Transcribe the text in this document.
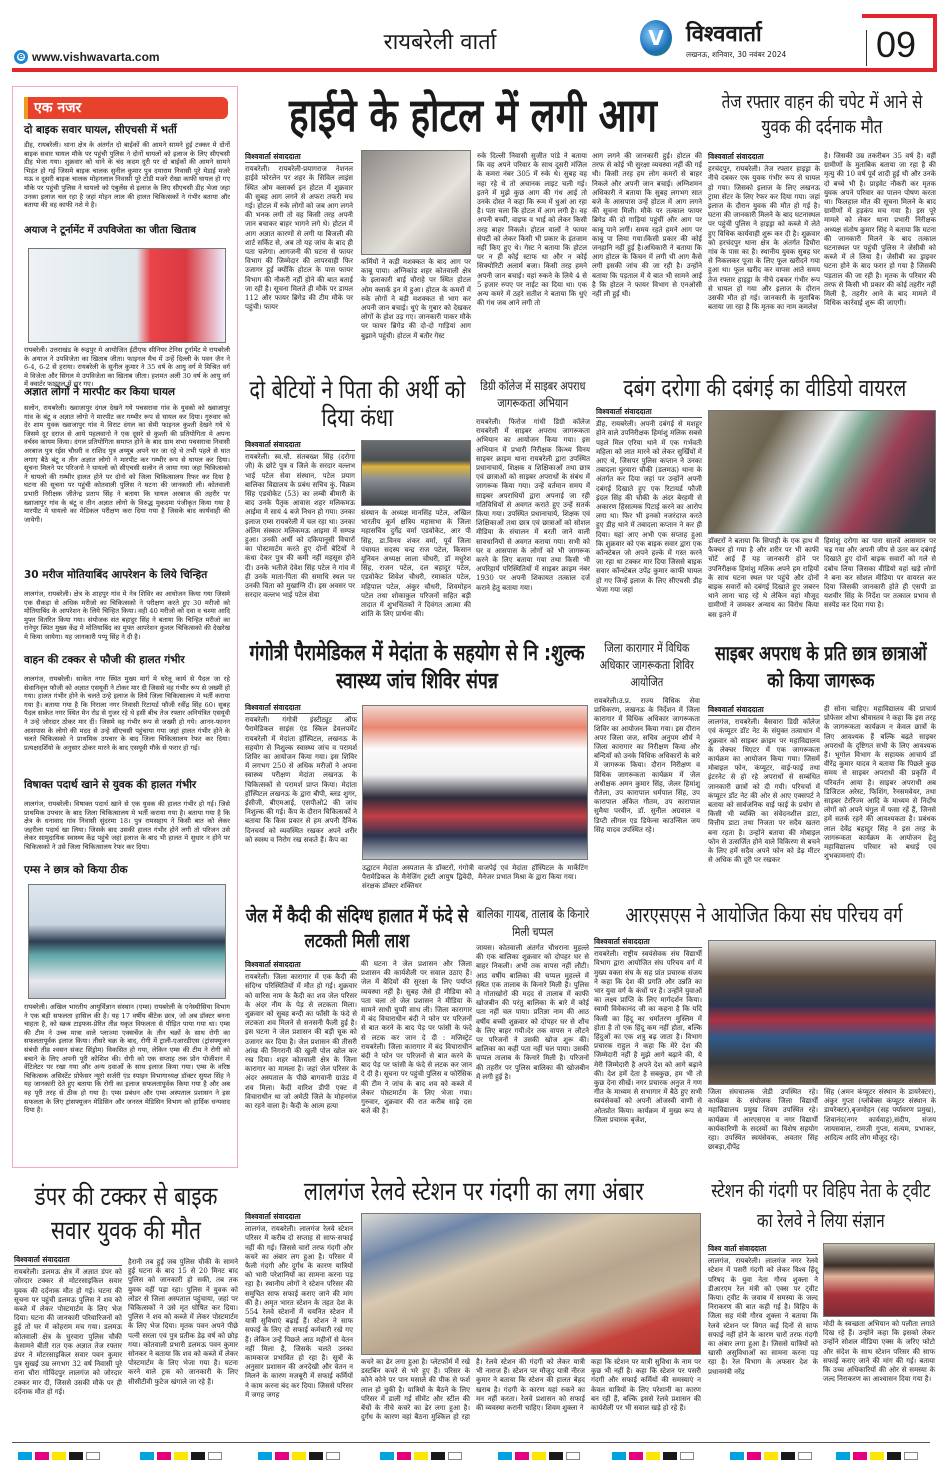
e www.vishwavarta.com
रायबरेली वार्ता	V	विश्ववार्ता
लखनऊ, शनिवार, 30 नवंबर 2024 09
एक नजर
दो बाइक सवार घायल, सीएचसी में भर्ती
डीह, रायबरेली। थाना क्षेत्र के अंतर्गत दो बाईकों की आमने सामने हुई टक्कर मे दोनों बाइक सवार घायल मौके पर पहुंची पुलिस ने दोनों घायलों को इलाज के लिए सीएचसी डीह भेजा गया। शुक्रवार को थाने के चंद कदम दूरी पर दो बाईकों की आमने सामने भिड़ंत हो गई जिसमे बाइक चालक सुनील कुमार पुत्र दयाराम निवासी पूरे मेडाई मजरे मऊ व दूसरी बाइक चालक मोहनलाल निवासी पूरे टोडी मजरे रोखा काफी घायल हो गए मौके पर पहुंची पुलिस ने घायलो को एंबुलेंस से इलाज के लिए सीएचसी डीह भेजा जहा उनका इलाज चल रहा है जहां मोहन लाल की हालत चिकित्सकों ने गंभीर बताया और बताया की वह काफी नशे मे है।
अयाज ने टूर्नामेंट में उपविजेता का जीता खिताब
रायबरेली। उत्तराखंड के रूद्रपुर मे आयोजित ईटीएफ सीनियर टेनिस टूर्नामेंट मे रायबरेली के अयाज ने उपविजेता का खिताब जीता। फाइनल मैच में उन्हें दिल्ली के पवन जैन ने 6-4, 6-2 से हराया। रायबरेली के सुनील कुमार ने 35 वर्ष के आयु वर्ग मे मिश्रित वर्ग मे विजेता और सिंगल मे उपविजेता का खिताब जीता। हशमत अली 30 वर्ष के आयु वर्ग में क्वार्टर फाइनल में हार गए।
अज्ञात लोगों ने मारपीट कर किया घायल
सलोन, रायबरेली। ख्वाजापुर दंगल देखने गये पचसरावा गांव के युवको को ख्वाजापुर गांव के बंटू व अज्ञात लोगो ने मारपीट कर गम्भीर रूप से घायल कर दिया। गुरुवार को देर शाम युवक ख्वाजापुर गांव मे विराट दंगल का सेमी फाइनल कुश्ती देखने गये थे जिसमे दूर दराज से आये पहलवानो ने एक दूसरे से कुश्ती की प्रतियोगिता मे अपना वर्चस्व कायम किया। दंगल प्रतियोगिता समाप्त होने के बाद ग्राम सभा पचसरावा निवासी अरबाज पुत्र रईस चौधरी व राशिद पुत्र अय्यूब अपने घर जा रहे थे तभी पहले से घात लगाए बैठे बंटू व तीन अज्ञात लोगो ने मारपीट कर गम्भीर रूप से घायल कर दिया। सूचना मिलने पर परिजनो ने घायलो को सीएचसी सलोन ले जाया गया जहा चिकित्सको ने घायलो की गम्भीर हालत होने पर दोनो को जिला चिकित्सालय रिफर कर दिया है घटना की सूचना पर पहुंची कोतवाली पुलिस ने घटना की जानकारी ली। कोतवाली प्रभारी निरीक्षक जीतेन्द्र प्रताप सिंह ने बताया कि घायल अरबाज की तहरीर पर ख्वाजापुर गांव के बंटू व तीन अज्ञात लोगो के विरुद्ध मुकदमा पंजीकृत किया गया है मारपीट मे घायलो का मेडिकल परीक्षण करा दिया गया है जिसके बाद कार्यवाही की जायेगी।
30 मरीज मोतियाबिंद आपरेशन के लिये चिन्हित
लालगंज, रायबरेली। क्षेत्र के शाहपुर गांव मे नेत्र शिविर का आयोजन किया गया जिसमे एक सैकड़ा से अधिक मरीजो का चिकित्सको ने परीक्षण करते हुए 30 मरीजो को मोतियाबिंद के आपरेशन के लिये चिन्हित किया। वही 40 मरीजो को दवा व चश्मा आदि मुफ्त वितरित किया गया। संयोजक संत बहादुर सिंह ने बताया कि चिन्हित मरीजो का रानेपुर स्थित मुख्य केंद्र मे मोतियाबिंद का मुफ्त आपरेशन कुशल चिकित्सको की देखरेख मे किया जायेगा। यह जानकारी पप्पू सिंह ने दी है।
वाहन की टक्कर से फौजी की हालत गंभीर
लालगंज, रायबरेली। साकेत नगर स्थित मुख्य मार्ग मे घरेलू कार्य से पैदल जा रहे सेवानिवृत्त फौजी को अज्ञात एसयूवी ने टोकर मार दी जिससे वह गंभीर रूप से जख्मी हो गया। हालत गंभीर होने के चलते उन्हे इलाज के लिये जिला चिकित्सालय मे भर्ती कराया गया है। बताया गया है कि निराला नगर निवासी रिटायर्ड फौजी रवींद्र सिंह 60। सुबह पैदल साकेत नगर स्थित मेन रोड से गुजर रहे थे इसी बीच तेज रफ्तार अनियंत्रित एसयूवी ने उन्हे जोरदार ठोकर मार दी। जिसमे वह गंभीर रूप से जख्मी हो गये। आनन-फानन आसपास के लोगो की मदद से उन्हे सीएचसी पहुंचाया गया जहां हालत गंभीर होने के चलते चिकित्सको ने प्राथमिक उपचार के बाद जिला चिकित्सालय रेफर कर दिया। प्रत्यक्षदर्शियो के अनुसार ठोकर मारने के बाद एसयूवी मौके से फरार हो गई।
विषाक्त पदार्थ खाने से युवक की हालत गंभीर
लालगंज, रायबरेली। विषाक्त पदार्थ खाने से एक युवक की हालत गंभीर हो गई। जिसे प्राथमिक उपचार के बाद जिला चिकित्सालय मे भर्ती कराया गया है। बताया गया है कि क्षेत्र के धनावाद गांव निवासी सुंदरमा 18। पुत्र रामसहाय ने किसी बात को लेकर जहरीला पदार्थ खा लिया। जिसके बाद उसकी हालत गंभीर होने लगी तो परिजन उसे लेकर सामुदायिक स्वास्थ्य केंद्र पहुंचे जहां इलाज के बाद भी हालत मे सुधार न होने पर चिकित्सको ने उसे जिला चिकित्सालय रेफर कर दिया।
एम्स ने छात्र को किया ठीक
रायबरेली। अखिल भारतीय आयुर्विज्ञान संस्थान (एम्स) रायबरेली के एनेस्थीसिया विभाग ने एक बड़ी सफलता हासिल की है। यह 17 वर्षीय बीटेक छात्र, जो अब डॉक्टर बनना चाहता है, को स्क्रब टाइफस-प्रेरित तीव्र यकृत विफलता से पीड़ित पाया गया था। एम्स की टीम ने उच्च मात्रा वाले प्लाज्मा एक्सचेंज के तीन चक्रों के साथ रोगी का सफलतापूर्वक इलाज किया। तीसरे चक्र के बाद, रोगी में ट्राली-एआरडीएस (ट्रांसफ्यूजन संबंधी तीव्र श्वसन संकट सिंड्रोम) विकसित हो गया, लेकिन एम्स की टीम ने रोगी को बचाने के लिए अपनी पूरी कोशिश की। रोगी को एक सप्ताह तक प्रोन पोजीशन में वेंटिलेटर पर रखा गया और अन्य दवाओं के साथ इलाज किया गया। एम्स के वरिष्ठ चिकित्सक असिस्टेंट प्रोफेसर न्यूरो सर्जरी एंड स्पाइन विभागाध्यक्ष डॉक्टर सुयश सिंह ने यह जानकारी देते हुए बताया कि रोगी का इलाज सफलतापूर्वक किया गया है और अब वह पूरी तरह से ठीक हो गया है। एम्स प्रबंधन और एम्स अस्पताल प्रशासन ने इस सफलता के लिए ट्रांसफ्यूजन मेडिसिन और जनरल मेडिसिन विभाग को हार्दिक धन्यवाद दिया है।
हाईवे के होटल में लगी आग
विश्ववार्ता संवाददाता
रायबरेली। रायबरेली-प्रयागराज नेशनल हाईवे फोरलेन पर शहर के सिविल लाइंस स्थित ओम क्लार्क्स इन होटल में शुक्रवार की सुबह आग लगने से अफरा तफरी मच गई। होटल में रुके लोगों को जब आग लगने की भनक लगी तो वह किसी तरह अपनी जान बचाकर बाहर भागने लगे थे। होटल में आग अज्ञात कारणों से लगी या बिजली की शार्ट सर्किट से, अब तो यह जांच के बाद ही पता चलेगा। आगजनी की घटना से फायर विभाग की जिम्मेदार की लापरवाही फिर उजागर हुई क्योंकि होटल के पास फायर विभाग की नौकरी नहीं होने की बात बताई जा रही है। सूचना मिलते ही मौके पर डायल 112 और फायर ब्रिगेड की टीम मौके पर पहुंची। फायर
कर्मियों ने कड़ी मशक्कत के बाद आग पर काबू पाया। अग्निकांड शहर कोतवाली क्षेत्र के इलाकारी बाई चौराहे पर स्थित होटल ओम क्लार्क इन में हुआ। होटल के कमरों में रुके लोगों ने बड़ी मशक्कत से भाग कर अपनी जान बचाई। धुएं के गुबार को देखकर लोगों के होश उड़ गए। जानकारी पाकर मौके पर फायर ब्रिगेड की दो-दो गाड़ियां आग बुझाने पहुंची। होटल में बतौर गेस्ट
रुके दिल्ली निवासी सुजीत पांडे ने बताया कि वह अपने परिवार के साथ दूसरी मंजिल के कमरा नंबर 305 में रुके थे। सुबह वह नहा रहे थे तो अचानक लाइट चली गई। इतने में मुझे कुछ आग की गंध आई तो उनके दोस्त ने कहा कि रूम में धुआं आ रहा है। पता चला कि होटल में आग लगी है। वह अपनी बच्ची, वाइफ व भाई को लेकर किसी तरह बाहर निकले। होटल वालों ने फायर सेफ्टी को लेकर किसी भी प्रकार के इंतजाम नहीं किए हुए थे। गेस्ट ने बताया कि होटल पर न ही कोई स्टाफ था और न कोई सिक्योरिटी अलार्म बजा। किसी तरह हमने अपनी जान बचाई। यहां रुकने के लिये 4 से 5 हजार रुपए पर नाईट का दिया था। एक अन्य कमरे में ठहरे सतीश ने बताया कि धुएं की गंध जब आने लगी तो
आग लगने की जानकारी हुई। होटल की तरफ से कोई भी सुरक्षा व्यवस्था नहीं की गई थी। किसी तरह हम लोग कमरों से बाहर निकले और अपनी जान बचाई। अग्निशमन अधिकारी ने बताया कि सुबह लगभग सात बजे के आसपास उन्हें होटल में आग लगने की सूचना मिली। मौके पर तत्काल फायर ब्रिगेड की दो गाड़ियां पहुंचीं और आग पर काबू पाने लगीं। समय रहते हमने आग पर काबू पा लिया गया।किसी प्रकार की कोई जनहानि नहीं हुई है।अधिकारी ने बताया कि आग होटल के किचन में लगी थी आग कैसे लगी इसकी जांच की जा रही है। उन्होंने बताया कि पड़ताल में ये बात भी सामने आई है कि होटल ने फायर विभाग से एनओसी नहीं ली हुई थी।
तेज रफ्तार वाहन की चपेट में आने से युवक की दर्दनाक मौत
विश्ववार्ता संवाददाता
हरचंदपुर, रायबरेली। तेज रफ्तार हाइड्रा के नीचे दबकर एक युवक गंभीर रूप से घायल हो गया। जिसको इलाज के लिए लखनऊ ट्रामा सेंटर के लिए रेफर कर दिया गया। जहां इलाज के दौरान युवक की मौत हो गई है। घटना की जानकारी मिलने के बाद घटनास्थल पर पहुंची पुलिस ने हाइड्रा को कब्जे में लेते हुए विधिक कार्यवाही शुरू कर दी है। शुक्रवार को हरचंदपुर थाना क्षेत्र के अंतर्गत डिघौरा गांव के पास का है। स्थानीय युवक सुबह घर से निकलकर पूजा के लिए फूल खरीदने गया हुआ था। फूल खरीद कर वापस आते समय तेज रफ्तार हाइड्रा के नीचे दबकर गंभीर रूप से घायल हो गया और इलाज के दौरान उसकी मौत हो गई। जानकारी के मुताबिक बताया जा रहा है कि मृतक का नाम कमलेश
है। जिसकी उम्र तकरीबन 35 वर्ष है। वहीं ग्रामीणों के मुताबिक बताया जा रहा है की मृत्यु की 10 वर्ष पूर्व शादी हुई थी और उनके दो बच्चे भी है। प्राइवेट नौकरी कर मृतक युवक अपने परिवार का पालन पोषण करता था। फिलहाल मौत की सूचना मिलने के बाद ग्रामीणों में हड़कंप मच गया है। इस पूरे मामले को लेकर थाना प्रभारी निरीक्षक अध्यक्ष संतोष कुमार सिंह ने बताया कि घटना की जानकारी मिलने के बाद तत्काल घटनास्थल पर पहुंची पुलिस ने जेसीबी को कब्जे में ले लिया है। जेसीबी का ड्राइवर घटना होने के बाद फरार हो गया है जिसकी पड़ताल की जा रही है। मृतक के परिवार की तरफ से किसी भी प्रकार की कोई तहरीर नहीं मिली है, तहरीर आने के बाद मामले में विधिक कार्रवाई शुरू की जाएगी।
दो बेटियों ने पिता की अर्थी को दिया कंधा
विश्ववार्ता संवाददाता
रायबरेली। स्व.चौ. संतबख्श सिंह (दरोगा जी) के छोटे पुत्र व जिले के सरदार वल्लभ भाई पटेल सेवा संस्थान, पटेल प्रयाग बालिका विद्यालय के प्रबंध सचिव कुं. विक्रम सिंह एडवोकेट (53) का लम्बी बीमारी के बाद उनके पैतृक आवास शहर मलिकमऊ आईमा में सायं 4 बजे निधन हो गया। उनका इलाज एम्स रायबरेली में चल रहा था। उनका अंतिम संस्कार मलिकमऊ आइमा में सम्पन्न हुआ। उनकी अर्थी को दकियानूसी विचारों का पोस्टमार्टम करते हुए दोनों बेटियों ने कंधा देकर पुत्र की कमी नहीं महसूस होने दी। उनके भतीजे देवेश सिंह पटेल ने गांव में ही उनके माता-पिता की समाधि स्थल पर उनकी चिता को मुखाग्नि दी। इस अवसर पर सरदार वल्लभ भाई पटेल सेवा
संस्थान के अध्यक्ष मानसिंह पटेल, अखिल भारतीय कूर्म क्षत्रिय महासभा के जिला महासचिव दुर्गेद्र वर्मा एडवोकेट, आर पी सिंह, डा.विनय शंकर वर्मा, पूर्व जिला पंचायत सदस्य चन्द्र राज पटेल, किसान यूनियन अध्यक्ष लाला चौधरी, डॉ मधुरेश सिंह, राजन पटेल, दल बहादुर पटेल, एडवोकेट शिवेश चौधरी, रमाकांत पटेल, महिपाल पटेल, अंकुर चौधरी, शिवमोहन पटेल तथा शोकाकुल परिजनों सहित बड़ी तादात में शुभचिंतकों ने दिवंगत आत्मा की शांति के लिए प्रार्थना की।
डिग्री कॉलेज में साइबर अपराध जागरूकता अभियान
रायबरेली। फिरोज गांधी डिग्री कॉलेज रायबरेली में साइबर अपराध जागरूकता अभियान का आयोजन किया गया। इस अभियान में प्रभारी निरीक्षक किन्ध्य विनय साइबर क्राइम थाना रायबरेली द्वारा उपस्थित प्रधानाचार्य, शिक्षक व शिक्षिकाओं तथा छात्र एवं छात्राओं को साइबर अपराधों के संबंध में जागरूक किया गया। उन्हें वर्तमान समय में साइबर अपराधियों द्वारा अपनाई जा रही गतिविधियों से अवगत कराते हुए उन्हें सतर्क किया गया। उपस्थित प्रधानाचार्य, शिक्षक एवं शिक्षिकाओं तथा छात्र एवं छात्राओं को सोशल मीडिया के संचालन में बरती जाने वाली सावधानियों से अवगत कराया गया। सभी को घर व आसपास के लोगों को भी जागरूक करने के लिए बताया गया तथा किसी भी अपरिहार्य परिस्थितियों में साइबर क्राइम नंबर 1930 पर अपनी शिकायत तत्काल दर्ज कराने हेतु बताया गया।
दबंग दरोगा की दबंगई का वीडियो वायरल
विश्ववार्ता संवाददाता
डीह, रायबरेली। अपनी दबंगई से मशहूर होने वाले उपनिरीक्षक हिमांशु मलिक सबसे पहले मिल एरिया थाने में एक गर्भवती महिला को लात मारने को लेकर सुर्खियों में आए थे, जिसपर पुलिस कप्तान ने उनका तबादला घुरवारा चौकी (डलमऊ) थाना के अंतर्गत कर दिया जहां पर उन्होंने अपनी दबंगई दिखाते हुए एक रिटायर्ड फौजी इंदल सिंह की चौकी के अंदर बेरहमी से अकारण हिंसात्मक पिटाई करने का आरोप लगा था। फिर भी इनको नजरंदाज करते हुए डीह थाने में तबादला कप्तान ने कर ही दिया। यहां आए अभी एक सप्ताह हुआ कि शुक्रवार को एक बाइक सवार द्वारा एक कॉन्स्टेबल जो अपने हल्के में गस्त करने जा रहा था टक्कर मार दिया जिससे बाइक सवार कॉन्स्टेबल उपेंद्र कुमार काफी घायल हो गए जिन्हें इलाज के लिए सीएचसी डीह भेजा गया जहां
डॉक्टरों ने बताया कि सिपाही के एक हाथ में फैक्चर हो गया है और शरीर पर भी काफी चोटें आई हैं यह जानकारी होने पर उपनिरीक्षक हिमांशु मलिक अपने हम राहियों के साथ घटना स्थल पर पहुंचे और दोनों बाइक सवारों को दबंगई दिखाते हुए जबरन थाने लाना चाह रहे थे लेकिन वहां मौजूद ग्रामीणों ने जमकर अन्याय का विरोध किया बस इतने में
हिमांशु दरोगा का पारा सातवें आसमान पर चढ़ गया और अपनी जीप से उतर कर दबंगई दिखाते हुए दोनों बाइक सवारों को गले से दबोच लिया जिसका वीडियो वहां खड़े लोगों ने बना कर सोशल मीडिया पर वायरल कर दिया जिसकी जानकारी होते ही एसपी डा यशवीर सिंह के निर्देश पर तत्काल प्रभाव से सस्पेंड कर दिया गया है।
गंगोत्री पैरामेडिकल में मेदांता के सहयोग से नि :शुल्क स्वास्थ्य जांच शिविर संपन्न
विश्ववार्ता संवाददाता
रायबरेली। गंगोत्री इंस्टीट्यूट ऑफ पैरामेडिकल साइंस एंड स्किल डेवलपमेंट रायबरेली में मेदांता हॉस्पिटल, लखनऊ के सहयोग से निशुल्क स्वास्थ्य जांच व परामर्श शिविर का आयोजन किया गया। इस शिविर में लगभग 250 से अधिक मरीजों ने अपना स्वास्थ्य परीक्षण मेदांता लखनऊ के चिकित्सकों से परामर्श प्राप्त किया। मेदांता हॉस्पिटल लखनऊ के द्वारा बीपी, ब्लड शुगर, ईसीजी, बीएमआई, एसपीओ2 की जांच निशुल्क की गई। कैंप के दौरान चिकित्सकों ने बताया कि किस प्रकार से हम अपनी दैनिक दिनचर्या को व्यवस्थित रखकर अपने शरीर को स्वस्थ व निरोग रख सकते हैं। कैंप का
उद्घाटन मेदांता अस्पताल के डॉक्टरों, गंगोत्री पैरामेडिकल के मैनेजिंग ट्रस्टी आयुष द्विवेदी, संरक्षक डॉक्टर शक्तिधर
वाजपेई एवं मेदांता हॉस्पिटल के मार्केटिंग मैनेजर प्रभात मिश्रा के द्वारा किया गया।
जिला कारागार में विधिक अधिकार जागरूकता शिविर आयोजित
रायबरेली।उ.प्र. राज्य विधिक सेवा प्राधिकरण, लखनऊ के निर्देशन में जिला कारागार में विधिक अधिकार जागरूकता शिविर का आयोजन किया गया। इस दौरान अपर जिला जज, सचिव अनुपम शौर्य ने जिला कारागार का निरीक्षण किया और बन्दियों को उनके विधिक अधिकारों के बारे में जागरूक किया। दौरान निरीक्षण व विधिक जागरूकता कार्यक्रम में जेल अधीक्षक अमन कुमार सिंह, जेलर हिमांशु रौतेला, उप कारापाल धर्मपाल सिंह, उप कारापाल अंकित गौतम, उप कारापाल सुमैया परवीन, डॉ. सुनील अग्रवाल व डिप्टी लीगल एड डिफेन्स काउन्सिल जय सिंह यादव उपस्थित रहे।
साइबर अपराध के प्रति छात्र छात्राओं को किया जागरूक
विश्ववार्ता संवाददाता
लालगंज, रायबरेली। बैसवारा डिग्री कॉलेज एवं कंप्यूटर डॉट नेट के संयुक्त तत्वाधान में शुक्रवार को साइबर क्राइम पर महाविद्यालय के लेक्चर थिएटर में एक जागरूकता कार्यक्रम का आयोजन किया गया। जिसमें मोबाइल फोन, कंप्यूटर, वाई-फाई तथा इंटरनेट से हो रहे अपराधों से सम्बंधित जानकारी छात्रों को दी गयी। परिचर्चा में कंप्यूटर डॉट नेट की ओर से आए एक्सपर्ट ने बताया को सार्वजनिक वाई फाई के प्रयोग से किसी भी व्यक्ति का संवेदनशील डाटा, वित्तीय डाटा तथा निजता पर सदैव खतरा बना रहता है। उन्होंने बताया की मोबाइल फोन से उत्सर्जित होने वाले विकिरण से बचने के लिए हमें सदैव अपने फोन को डेढ़ मीटर से अधिक की दूरी पर रखकर
ही सोना चाहिए। महाविद्यालय की प्राचार्य प्रोफेसर शोभा श्रीवास्तव ने कहा कि इस तरह के जागरूकता कार्यक्रम न केवल छात्रों के लिए आवश्यक हैं बल्कि बढ़ते साइबर अपराधों के दृष्टिगत सभी के लिए आवश्यक हैं। भूगोल विभाग के सहायक आचार्य डॉ वीरेंद्र कुमार यादव ने बताया कि पिछले कुछ समय से साइबर अपराधों की प्रकृति में परिवर्तन आया है। साइबर अपराधी अब डिजिटल अरेस्ट, फिशिंग, रैनसमवेयर, तथा साइबर टेररिज्म आदि के माध्यम से निर्दोष लोगों को अपने चंगुल में फसा रहें हैं, जिनसे हमें सतर्क रहने की आवश्यकता है। प्रबंधक लाल देवेंद्र बहादुर सिंह ने इस तरह के जागरूकता कार्यक्रम के आयोजन हेतु महाविद्यालय परिवार को बधाई एवं शुभकामनाएं दी।
जेल में कैदी की संदिग्ध हालात में फंदे से लटकती मिली लाश
विश्ववार्ता संवाददाता
रायबरेली। जिला कारागार में एक कैदी की संदिग्ध परिस्थितियों में मौत हो गई। शुक्रवार को वारिस नाम के कैदी का शव जेल परिसर के अंदर नीम के पेड़ से लटकता मिला।शुक्रवार को सुबह बन्दी का फाँसी के फंदे से लटकता शव मिलने से सनसनी फैली हुई है। इस घटना ने जेल प्रशासन की बड़ी चूक को उजागर कर दिया है। जेल प्रशासन की तीसरी आंख की निगरानी की खुली पोल खोल कर रख दिया। शहर कोतवाली क्षेत्र के जिला कारागार का मामला है। जहां जेल परिसर के अंदर अस्पताल के पीछे बागवानी ग्राउंड में शव मिला। कैदी वारिश डीपी एक्ट में विचाराधीन था जो अमेठी जिले के मोहनगंज का रहने वाला है। कैदी के आत्म हत्या
की घटना ने जेल प्रशासन और जिला प्रशासन की कार्यशैली पर सवाल उठाए हैं। जेल में बैदियों की सुरक्षा के लिए पर्याप्त व्यवस्था नहीं है। सुबह जैसे ही मीडिया को पता चला तो जेल प्रशासन ने मीडिया के सामने साधी चुप्पी साध ली। जिला कारागार में बंद विचाराधीन बंदी ने फोन पर परिजनों से बात करने के बाद पेड़ पर फांसी के फंदे से लटक कर जान दे दी : मजिस्ट्रेट रायबरेली। जिला कारागार में बंद विचाराधीन बंदी ने फोन पर परिजनों से बात करने के बाद पेड़ पर फांसी के फंदे से लटक कर जान दे दी है। सूचना पर पहुंची पुलिस व फोरेंसिक की टीम ने जांच के बाद शव को कब्जे में लेकर पोस्टमार्टम के लिए भेजा गया। गुरुवार, शुक्रवार की रात करीब साढ़े दस बजे की है।
बालिका गायब, तालाब के किनारे मिली चप्पल
जायस। कोतवाली अंतर्गत चौधराना मुहल्ले की एक बालिका शुक्रवार को दोपहर घर से बाहर निकली। अभी तक वापस नहीं लौटी।आठ वर्षीय बालिका की चप्पल मुहल्ले में स्थित एक तालाब के किनारे मिली है। पुलिस ने गोताखोरों की मदद से तालाब में काफी खोजबीन की परंतु बालिका के बारे में कोई पता नहीं चल पाया। प्रतिज्ञा नाम की आठ वर्षीय बच्ची शुक्रवार को दोपहर घर से शौच के लिए बाहर गयी।देर तक वापस न लौटने पर परिजनों ने उसकी खोज शुरू की। बालिका का कहीं पता नहीं चल पाया। उसकी चप्पल तालाब के किनारे मिली है। परिजनों की तहरीर पर पुलिस बालिका की खोजबीन में लगी हुई है।
आरएसएस ने आयोजित किया संघ परिचय वर्ग
विश्ववार्ता संवाददाता
रायबरेली। राष्ट्रीय स्वयंसेवक संघ विद्यार्थी विभाग द्वारा आयोजित संघ परिचय वर्ग में मुख्य वक्ता संघ के सह प्रांत प्रचारक संजय ने कहा कि देश की प्रगति और उन्नति का भार युवा वर्ग के कंधों पर है। उन्होंने युवाओं का लक्ष्य प्राप्ति के लिए मार्गदर्शन किया। स्वामी विवेकानंद जी का कहना है कि यदि किसी का हिंदू का धर्मांतरण मुस्लिम में होता है तो एक हिंदू कम नहीं होता, बल्कि हिंदुओं का एक शत्रु बढ़ जाता है। विभाग प्रचारक राहुल ने कहा कि मेरे देश की जिम्मेदारी नहीं है मुझे आगे बढ़ाने की, ये मेरी जिम्मेदारी है अपने देश को आगे बढ़ाने की। देश हमें देता है सबकुछ, हम भी तो कुछ देना सीखें। नगर प्रचारक अनुज ने गण गीत के माध्यम से सभागार में बैठे हुए सभी स्वयंसेवकों को अपनी ओजस्वी वाणी से ओतप्रोत किया। कार्यक्रम में मुख्य रूप से जिला प्रचारक बृजेश,
जिला संघचालक जेडी उपस्थित रहे। कार्यक्रम के संयोजक जिला विद्यार्थी महाविद्यालय प्रमुख शिवम उपस्थित रहे। कार्यक्रम में आरएसएस व नगर विद्यार्थी कार्यकारिणी के सदस्यों का विशेष सहयोग रहा। उपस्थित स्वयंसेवक, अवतार सिंह छाबड़ा,दीपेंद्र
सिंह (अमन कंप्यूटर संस्थान के डायरेक्टर), अंकुर गुप्ता (ग्लोबेक्स कंप्यूटर संस्थान के डायरेक्टर),बृजमोहन (सह पर्यावरण प्रमुख), शिवानंद(नगर कार्यवाह),संदीप, संजय जायसवाल, रामजी गुप्ता, सत्यम, प्रभाकर, आदित्य आदि लोग मौजूद रहे।
डंपर की टक्कर से बाइक सवार युवक की मौत
विश्ववार्ता संवाददाता
रायबरेली। डलमऊ क्षेत्र में अज्ञात डंपर को जोरदार टक्कर से मोटरसाइकिल सवार युवक की दर्दनाक मौत हो गई। घटना की सूचना पर पहुंची डलमऊ पुलिस ने शव को कब्जे में लेकर पोस्टमार्टम के लिए भेज दिया। घटना की जानकारी परिवारिजनों को हुई तो घर में कोहराम मच गया। डलमऊ कोतवाली क्षेत्र के घुरवारा पुलिस चौकी केसामने बीती रात एक अज्ञात तेज रफ्तार डंपर ने मोटरसाइकिल सवार पवन कुमार पुत्र सुखई उम्र लगभग 32 वर्ष निवासी पूरे राना चौरा गोविंदपुर लालगंज को जोरदार टक्कर मार दी, जिससे उसकी मौके पर ही दर्दनाक मौत हो गई।
हैरानी तब हुई जब पुलिस चौकी के सामने हुई घटना के बाद 15 से 20 मिनट बाद पुलिस को जानकारी हो सकी, तब तक युवक वहीं पड़ा रहा। पुलिस ने युवक को लोडर से जिला अस्पताल पहुंचाया, जहां पर चिकित्सकों ने उसे मृत घोषित कर दिया। पुलिस ने शव को कब्जे में लेकर पोस्टमार्टम के लिए भेज दिया। मृतक पवन अपने पीछे पत्नी सरला एवं पुत्र प्रतीक डेढ़ वर्ष को छोड़ गया। कोतवाली प्रभारी डलमऊ पवन कुमार सोनकर ने बताया कि शव को कब्जे में लेकर पोस्टमार्टम के लिए भेजा गया है। घटना करने वाले ट्रक को जानकारी के लिए सीसीटीवी फुटेज खंगाले जा रहे हैं।
लालगंज रेलवे स्टेशन पर गंदगी का लगा अंबार
विश्ववार्ता संवाददाता
लालगंज, रायबरेली। लालगंज रेलवे स्टेशन परिसर में करीब दो सप्ताह से साफ-सफाई नहीं की गई। जिससे चारों तरफ गंदगी और कचरे का अंबार लग हुआ है। परिसर में फैली गंदगी और दुर्गंध के कारण यात्रियों को भारी परेशानियों का सामना करना पड़ रहा है। स्थानीय लोगों ने स्टेशन परिसर की समुचित साफ सफाई कराए जाने की मांग की है। अमृत भारत स्टेशन के तहत देश के 554 रेलवे स्टेशनों में चयनित स्टेशन में यात्री सुविधाएं बढ़ाई हैं। स्टेशन ने साफ सफाई के लिए दो सफाई कर्मचारी रखे गए हैं। लेकिन उन्हें पिछले आठ महीनों से वेतन नहीं मिला है, जिसके चलते उनका कामकाज प्रभावित हो रहा है। सूत्रों के अनुसार प्रशासन की अनदेखी और वेतन न मिलने के कारण मजबूरी में सफाई कर्मियों ने काम करना बंद कर दिया। जिससे परिसर में जगह जगह
कचरे का ढेर लगा हुआ है। प्लेटफॉर्म में रखे डस्टबिन कचरे से भरे हुए हैं। परिसर के कोने कोने पर पान मसाले की पीक से फर्श लाल हो चुकी है। यात्रियों के बैठने के लिए परिसर में डाली गई सीमेंट और स्टील की बेंचों के नीचे कचरे का ढेर लगा हुआ है। दुर्गंध के कारण वहां बैठना मुश्किल हो रहा है। रेलवे स्टेशन की गंदगी को लेकर यात्री भी नाराज हैं। स्टेशन पर मौजूद यात्री नीरज कुमार ने बताया कि स्टेशन की हालत बेहद खराब है। गंदगी के कारण यहां रुकने का मन नहीं करता। रेलवे प्रशासन को सफाई की व्यवस्था करानी चाहिए। शिवम शुक्ला ने
कहा कि स्टेशन पर यात्री सुविधा के नाम पर कुछ भी नहीं है। कहा कि स्टेशन पर पसरी गंदगी और सफाई कर्मियों की समस्याएं न केवल यात्रियों के लिए परेशानी का कारण बन रही हैं, बल्कि इससे रेलवे प्रशासन की कार्यशैली पर भी सवाल खड़े हो रहे हैं।
स्टेशन की गंदगी पर विहिप नेता के ट्वीट का रेलवे ने लिया संज्ञान
विश्व वार्ता संवाददाता
लालगंज, रायबरेली। लालगंज नगर रेलवे स्टेशन में पसरी गंदगी को लेकर विश्व हिंदू परिषद के युवा नेता गौरव शुक्ला ने डीआरएम रेल मंत्री को एक्स पर ट्वीट किया। ट्वीट के जवाब में समस्या के जल्द निराकरण की बात कही गई है। विहिप के जिला सह मंत्री गौरव शुक्ला ने बताया कि रेलवे स्टेशन पर विगत कई दिनों से साफ सफाई नहीं होने के कारण चारों तरफ गंदगी का अंबार लगा हुआ है। जिससे यात्रियों को खासी असुविधाओं का सामना करना पड़ रहा है। रेल विभाग के अफसर देश के प्रधानमंत्री नरेंद्र
मोदी के स्वच्छता अभियान को पलीता लगाते दिख रहे हैं। उन्होंने कहा कि इसको लेकर उन्होंने सोशल मीडिया एक्स के जरिए फोटो और संदेश के साथ स्टेशन परिसर की साफ सफाई कराए जाने की मांग की गई। बताया कि उच्च अधिकारियों की ओर से समस्या के जल्द निराकरण का आश्वासन दिया गया है।
